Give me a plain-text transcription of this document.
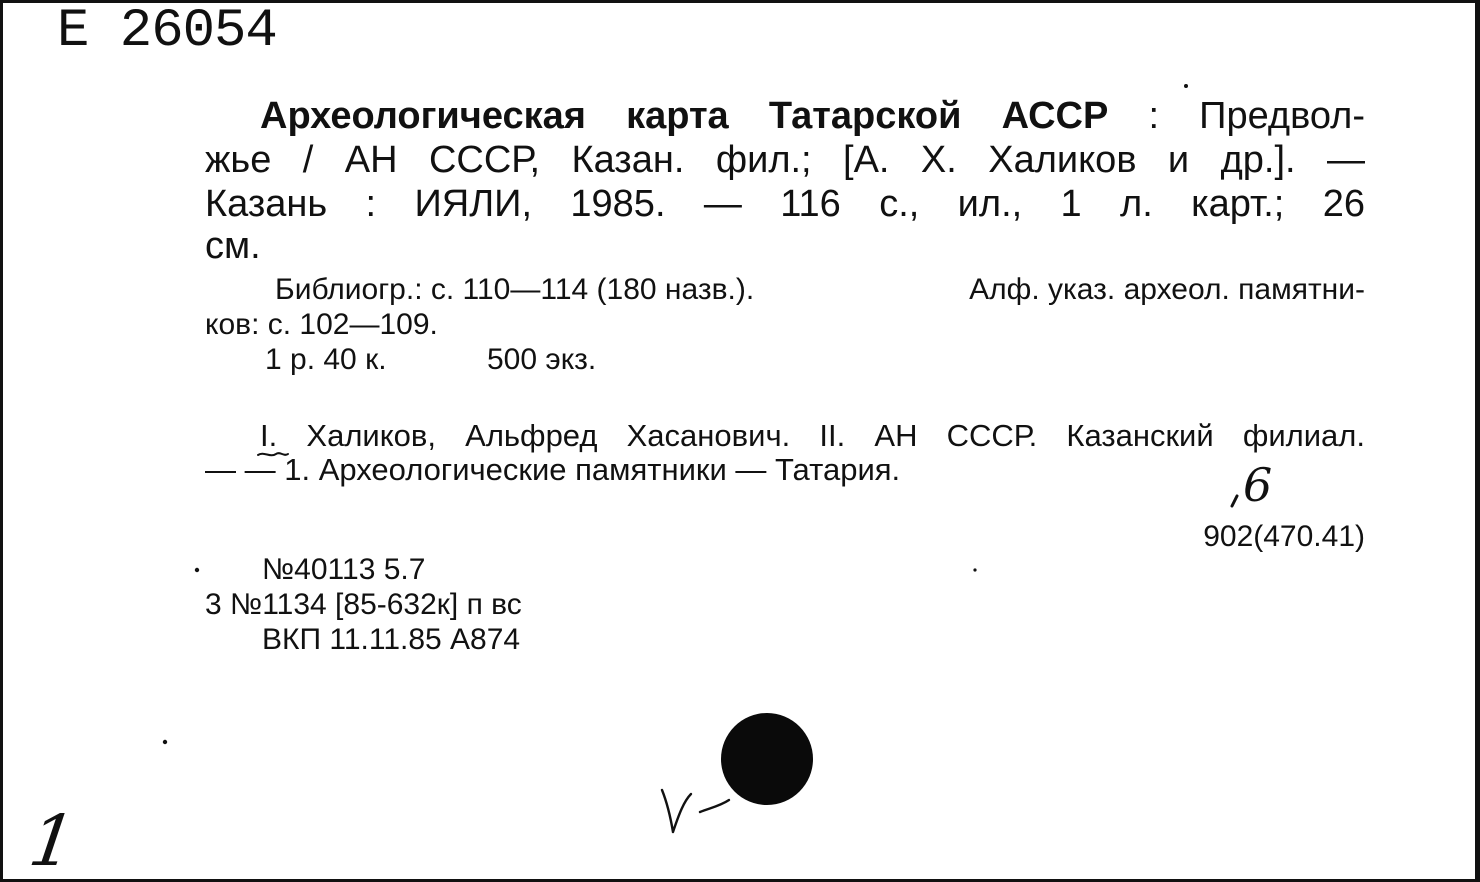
Е 26054
Археологическая карта Татарской АССР : Предвол-
жье / АН СССР, Казан. фил.; [А. Х. Халиков и др.]. —
Казань : ИЯЛИ, 1985. — 116 с., ил., 1 л. карт.; 26
см.
Библиогр.: с. 110—114 (180 назв.).	Алф. указ. археол. памятни-
ков: с. 102—109.
1 р. 40 к.	500 экз.
I. Халиков, Альфред Хасанович. II. АН СССР. Казанский филиал.
— — 1. Археологические памятники — Татария.	6
902(470.41)
№40113 5.7
3 №1134 [85-632к] п вс
ВКП 11.11.85 А874
1
